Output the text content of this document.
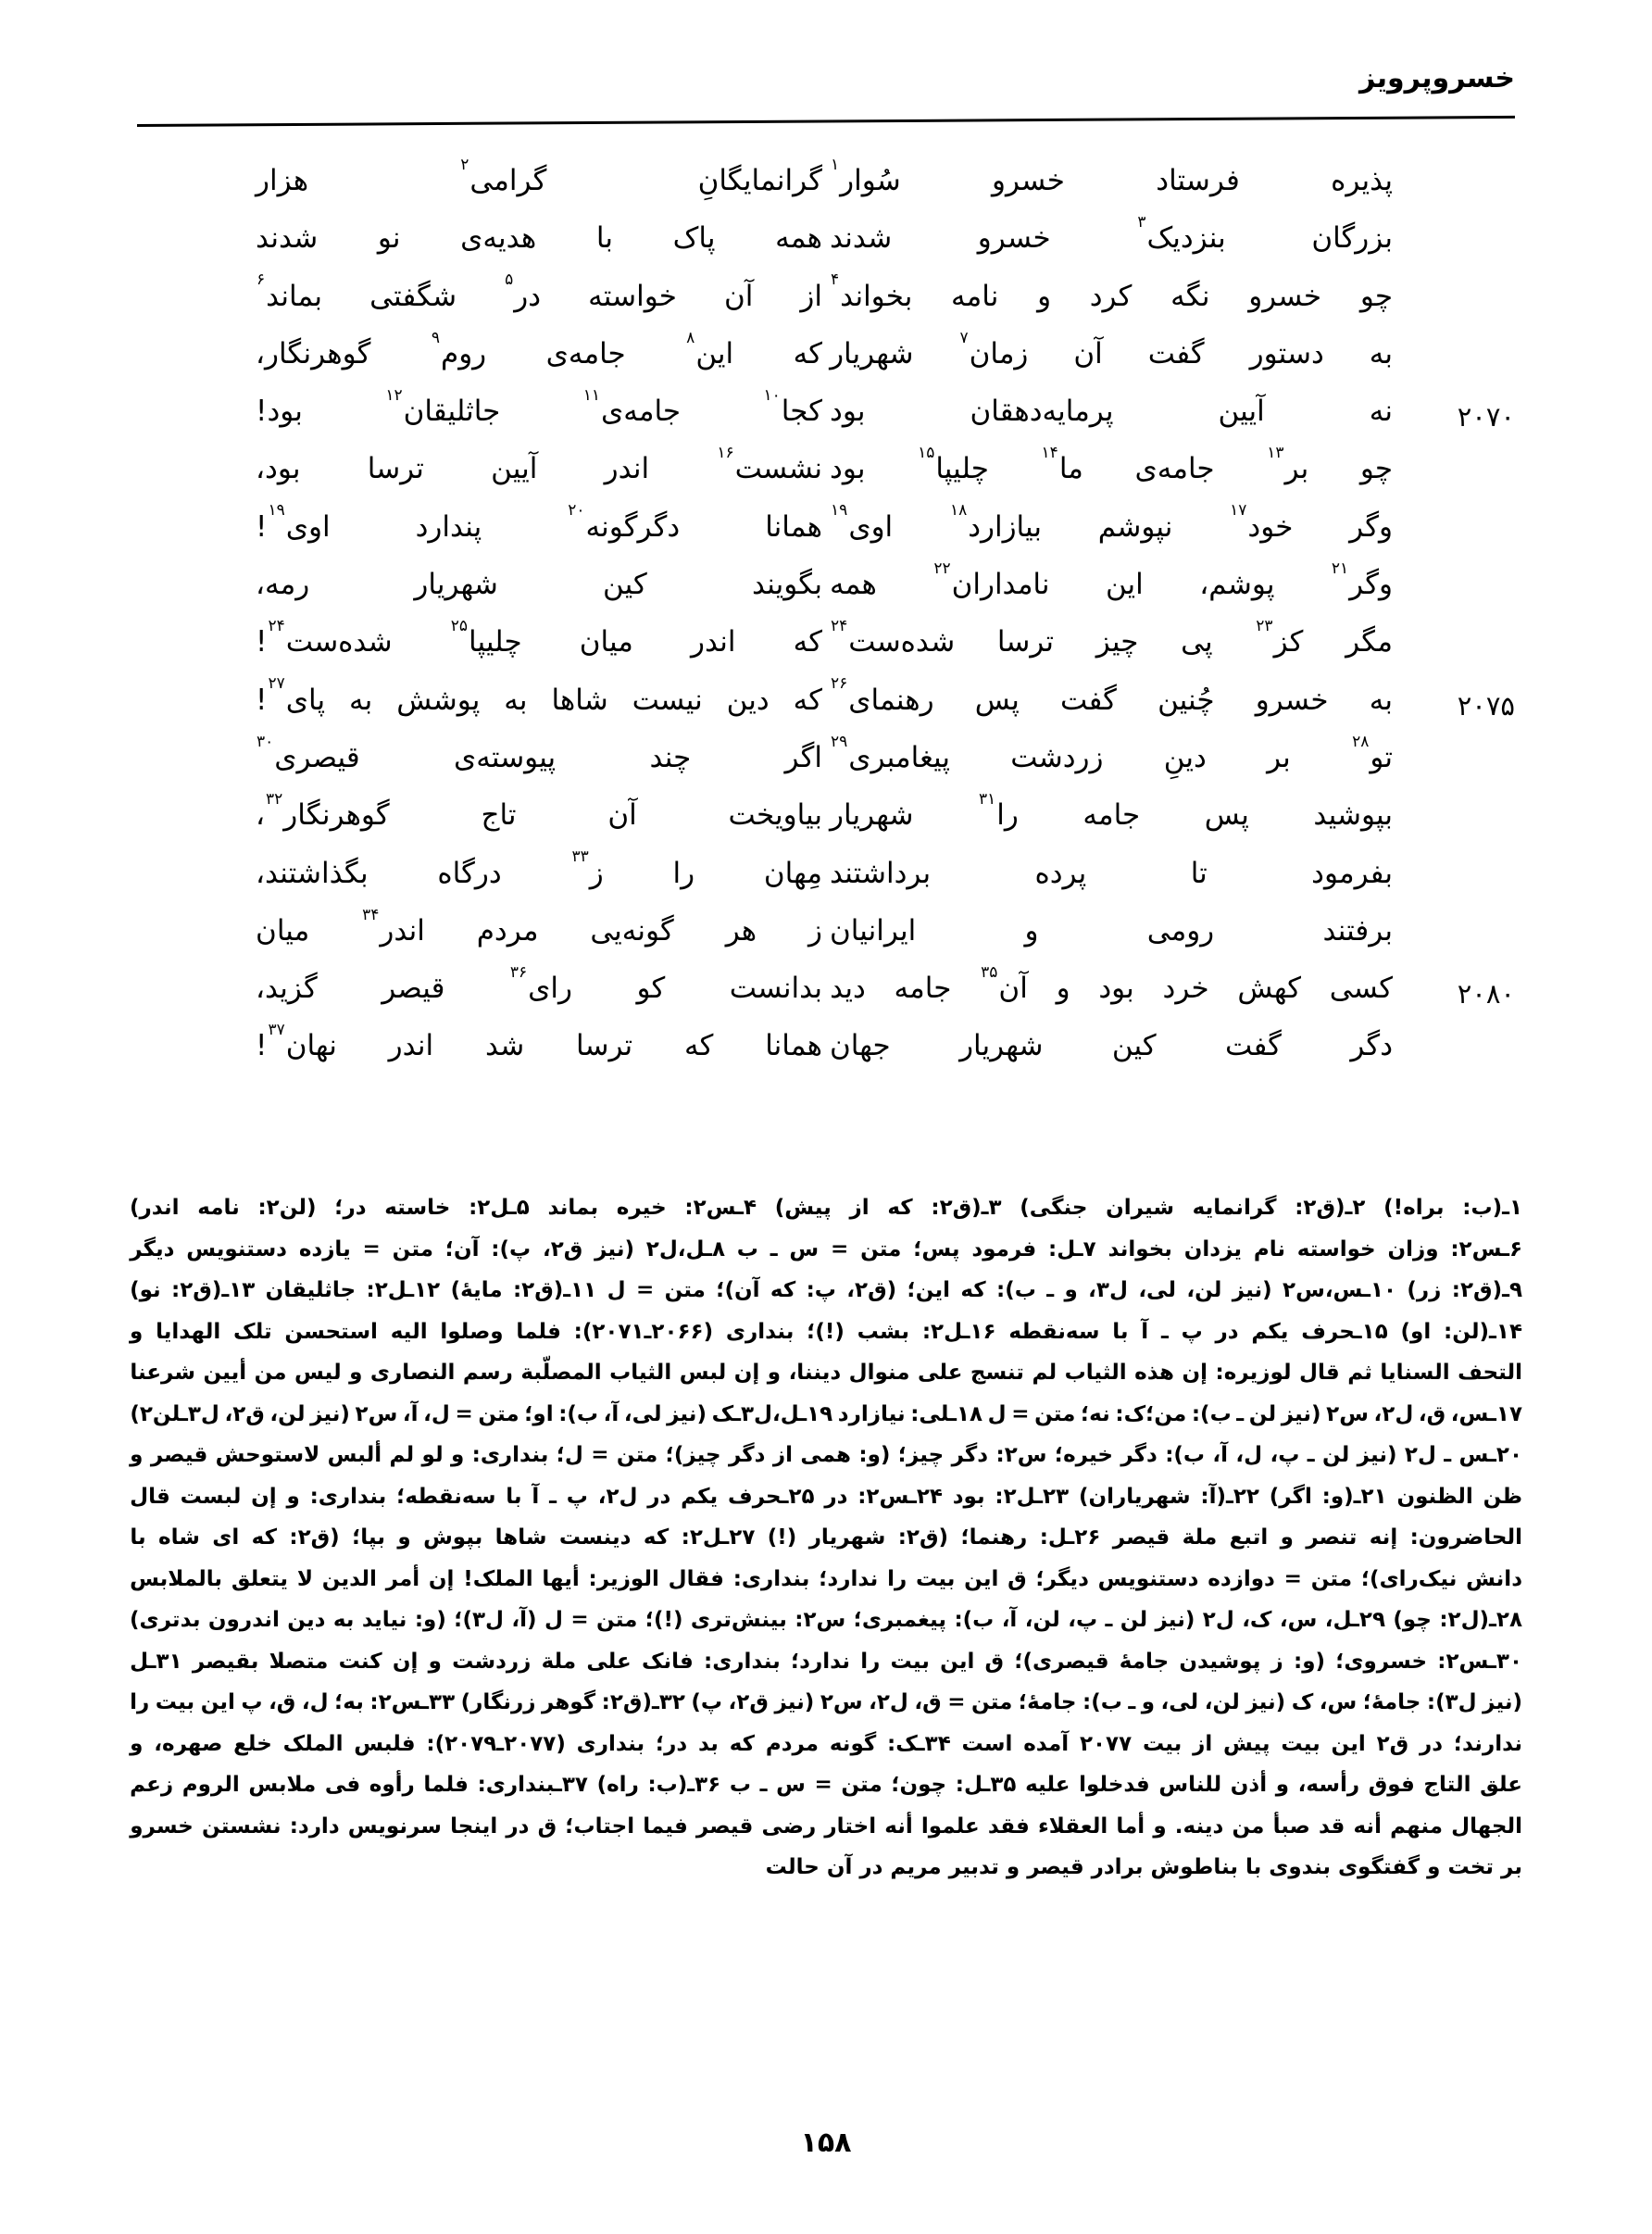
خسروپرویز
پذیره
فرستاد
خسرو
سُوار$^۱$
بزرگان
بنزدیک$^۳$
خسرو
شدند
چو
خسرو
نگه
کرد
و
نامه
بخواند$^۴$
به
دستور
گفت
آن
زمان$^۷$
شهریار
۲۰۷۰
نه
آیین
پرمایه‌دهقان
بود
چو
بر$^{۱۳}$
جامه‌ی
ما$^{۱۴}$
چلیپا$^{۱۵}$
بود
وگر
خود$^{۱۷}$
نپوشم
بیازارد$^{۱۸}$
اوی$^{۱۹}$
وگر$^{۲۱}$
پوشم،
این
نامداران$^{۲۲}$
همه
مگر
کز$^{۲۳}$
پی
چیز
ترسا
شده‌ست$^{۲۴}$
۲۰۷۵
به
خسرو
چُنین
گفت
پس
رهنمای$^{۲۶}$
تو$^{۲۸}$
بر
دینِ
زردشت
پیغامبری$^{۲۹}$
بپوشید
پس
جامه
را$^{۳۱}$
شهریار
بفرمود
تا
پرده
برداشتند
برفتند
رومی
و
ایرانیان
۲۰۸۰
کسی
کهش
خرد
بود
و
آن$^{۳۵}$
جامه
دید
دگر
گفت
کین
شهریار
جهان
گرانمایگانِ
گرامی$^۲$
هزار
همه
پاک
با
هدیه‌ی
نو
شدند
از
آن
خواسته
در$^۵$
شگفتی
بماند$^۶$
که
این$^۸$
جامه‌ی
روم$^۹$
گوهرنگار،
کجا$^{۱۰}$
جامه‌ی$^{۱۱}$
جاثلیقان$^{۱۲}$
بود!
نشست$^{۱۶}$
اندر
آیین
ترسا
بود،
همانا
دگرگونه$^{۲۰}$
پندارد
اوی$^{۱۹}$!
بگویند
کین
شهریار
رمه،
که
اندر
میان
چلیپا$^{۲۵}$
شده‌ست$^{۲۴}$!
که
دین
نیست
شاها
به
پوشش
به
پای$^{۲۷}$!
اگر
چند
پیوسته‌ی
قیصری$^{۳۰}$
بیاویخت
آن
تاج
گوهرنگار$^{۳۲}$،
مِهان
را
ز$^{۳۳}$
درگاه
بگذاشتند،
ز
هر
گونه‌یی
مردم
اندر$^{۳۴}$
میان
بدانست
کو
رای$^{۳۶}$
قیصر
گزید،
همانا
که
ترسا
شد
اندر
نهان$^{۳۷}$!
۱ـ(ب:
براه!)
۲ـ(ق۲:
گرانمایه
شیران
جنگی)
۳ـ(ق۲:
که
از
پیش)
۴ـس۲:
خیره
بماند
۵ـل۲:
خاسته
در؛
(لن۲:
نامه
اندر)
۶ـس۲:
وزان
خواسته
نام
یزدان
بخواند
۷ـل:
فرمود
پس؛
متن
=
س
ـ
ب
۸ـل،ل۲
(نیز
ق۲،
پ):
آن؛
متن
=
یازده
دستنویس
دیگر
۹ـ(ق۲:
زر)
۱۰ـس،س۲
(نیز
لن،
لی،
ل۳،
و
ـ
ب):
که
این؛
(ق۲،
پ:
که
آن)؛
متن
=
ل
۱۱ـ(ق۲:
مایهٔ)
۱۲ـل۲:
جاثلیقان
۱۳ـ(ق۲:
نو)
۱۴ـ(لن:
او)
۱۵ـحرف
یکم
در
پ
ـ
آ
با
سه‌نقطه
۱۶ـل۲:
بشب
(!)؛
بنداری
(۲۰۶۶ـ۲۰۷۱):
فلما
وصلوا
الیه
استحسن
تلک
الهدایا
و
التحف
السنایا
ثم
قال
لوزیره:
إن
هذه
الثیاب
لم
تنسج
علی
منوال
دیننا،
و
إن
لبس
الثیاب
المصلّبة
رسم
النصاری
و
لیس
من
أیین
شرعنا
۱۷ـس،
ق،
ل۲،
س۲
(نیز
لن
ـ
ب):
من؛ک:
نه؛
متن
=
ل
۱۸ـلی:
نیازارد
۱۹ـل،ل۳ـک
(نیز
لی،
آ،
ب):
او؛
متن
=
ل،
آ،
س۲
(نیز
لن،
ق۲،
ل۳ـلن۲)
۲۰ـس
ـ
ل۲
(نیز
لن
ـ
پ،
ل،
آ،
ب):
دگر
خیره؛
س۲:
دگر
چیز؛
(و:
همی
از
دگر
چیز)؛
متن
=
ل؛
بنداری:
و
لو
لم
ألبس
لاستوحش
قیصر
و
ظن
الظنون
۲۱ـ(و:
اگر)
۲۲ـ(آ:
شهریاران)
۲۳ـل۲:
بود
۲۴ـس۲:
در
۲۵ـحرف
یکم
در
ل۲،
پ
ـ
آ
با
سه‌نقطه؛
بنداری:
و
إن
لبست
قال
الحاضرون:
إنه
تنصر
و
اتبع
ملة
قیصر
۲۶ـل:
رهنما؛
(ق۲:
شهریار
(!)
۲۷ـل۲:
که
دینست
شاها
بپوش
و
بپا؛
(ق۲:
که
ای
شاه
با
دانش
نیک‌رای)؛
متن
=
دوازده
دستنویس
دیگر؛
ق
این
بیت
را
ندارد؛
بنداری:
فقال
الوزیر:
أیها
الملک!
إن
أمر
الدین
لا
یتعلق
بالملابس
۲۸ـ(ل۲:
چو)
۲۹ـل،
س،
ک،
ل۲
(نیز
لن
ـ
پ،
لن،
آ،
ب):
پیغمبری؛
س۲:
بینش‌تری
(!)؛
متن
=
ل
(آ،
ل۳)؛
(و:
نیاید
به
دین
اندرون
بدتری)
۳۰ـس۲:
خسروی؛
(و:
ز
پوشیدن
جامهٔ
قیصری)؛
ق
این
بیت
را
ندارد؛
بنداری:
فانک
علی
ملة
زردشت
و
إن
کنت
متصلا
بقیصر
۳۱ـل
(نیز
ل۳):
جامهٔ؛
س،
ک
(نیز
لن،
لی،
و
ـ
ب):
جامهٔ؛
متن
=
ق،
ل۲،
س۲
(نیز
ق۲،
پ)
۳۲ـ(ق۲:
گوهر
زرنگار)
۳۳ـس۲:
به؛
ل،
ق،
پ
این
بیت
را
ندارند؛
در
ق۲
این
بیت
پیش
از
بیت
۲۰۷۷
آمده
است
۳۴ـک:
گونه
مردم
که
بد
در؛
بنداری
(۲۰۷۷ـ۲۰۷۹):
فلبس
الملک
خلع
صهره،
و
علق
التاج
فوق
رأسه،
و
أذن
للناس
فدخلوا
علیه
۳۵ـل:
چون؛
متن
=
س
ـ
ب
۳۶ـ(ب:
راه)
۳۷ـبنداری:
فلما
رأوه
فی
ملابس
الروم
زعم
الجهال
منهم
أنه
قد
صبأ
من
دینه.
و
أما
العقلاء
فقد
علموا
أنه
اختار
رضی
قیصر
فیما
اجتاب؛
ق
در
اینجا
سرنویس
دارد:
نشستن
خسرو
بر تخت و گفتگوی بندوی با بناطوش برادر قیصر و تدبیر مریم در آن حالت
۱۵۸
